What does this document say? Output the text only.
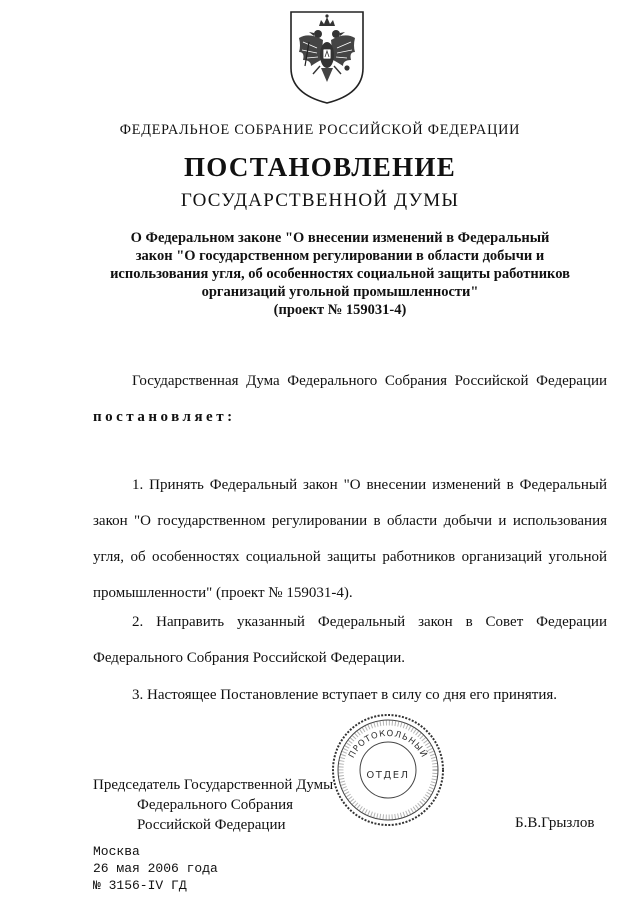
ФЕДЕРАЛЬНОЕ СОБРАНИЕ РОССИЙСКОЙ ФЕДЕРАЦИИ
ПОСТАНОВЛЕНИЕ
ГОСУДАРСТВЕННОЙ ДУМЫ
О Федеральном законе "О внесении изменений в Федеральный
закон "О государственном регулировании в области добычи и
использования угля, об особенностях социальной защиты работников
организаций угольной промышленности"
(проект № 159031-4)
Государственная Дума Федерального Собрания Российской Федерации постановляет:
1. Принять Федеральный закон "О внесении изменений в Федеральный закон "О государственном регулировании в области добычи и использования угля, об особенностях социальной защиты работников организаций угольной промышленности" (проект № 159031-4).
2. Направить указанный Федеральный закон в Совет Федерации Федерального Собрания Российской Федерации.
3. Настоящее Постановление вступает в силу со дня его принятия.
Председатель Государственной Думы
Федерального Собрания
Российской Федерации	Б.В.Грызлов
ПРОТОКОЛЬНЫЙ
ОТДЕЛ
Москва
26 мая 2006 года
№ 3156-IV ГД
